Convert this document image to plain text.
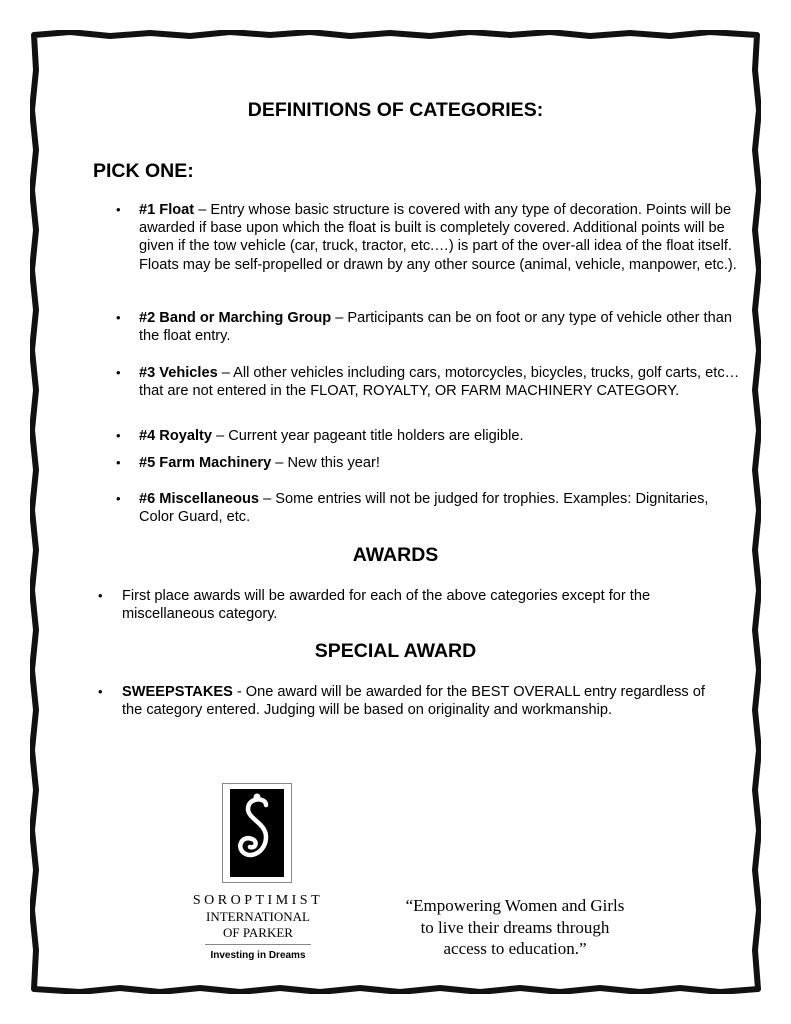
DEFINITIONS OF CATEGORIES:
PICK ONE:
• #1 Float – Entry whose basic structure is covered with any type of decoration. Points will be awarded if base upon which the float is built is completely covered. Additional points will be given if the tow vehicle (car, truck, tractor, etc.…) is part of the over-all idea of the float itself. Floats may be self-propelled or drawn by any other source (animal, vehicle, manpower, etc.).
• #2 Band or Marching Group – Participants can be on foot or any type of vehicle other than the float entry.
• #3 Vehicles – All other vehicles including cars, motorcycles, bicycles, trucks, golf carts, etc… that are not entered in the FLOAT, ROYALTY, OR FARM MACHINERY CATEGORY.
• #4 Royalty – Current year pageant title holders are eligible.
• #5 Farm Machinery – New this year!
• #6 Miscellaneous – Some entries will not be judged for trophies. Examples: Dignitaries, Color Guard, etc.
AWARDS
• First place awards will be awarded for each of the above categories except for the miscellaneous category.
SPECIAL AWARD
• SWEEPSTAKES - One award will be awarded for the BEST OVERALL entry regardless of the category entered. Judging will be based on originality and workmanship.
SOROPTIMIST
INTERNATIONAL
OF PARKER
Investing in Dreams
“Empowering Women and Girls
to live their dreams through
access to education.”
